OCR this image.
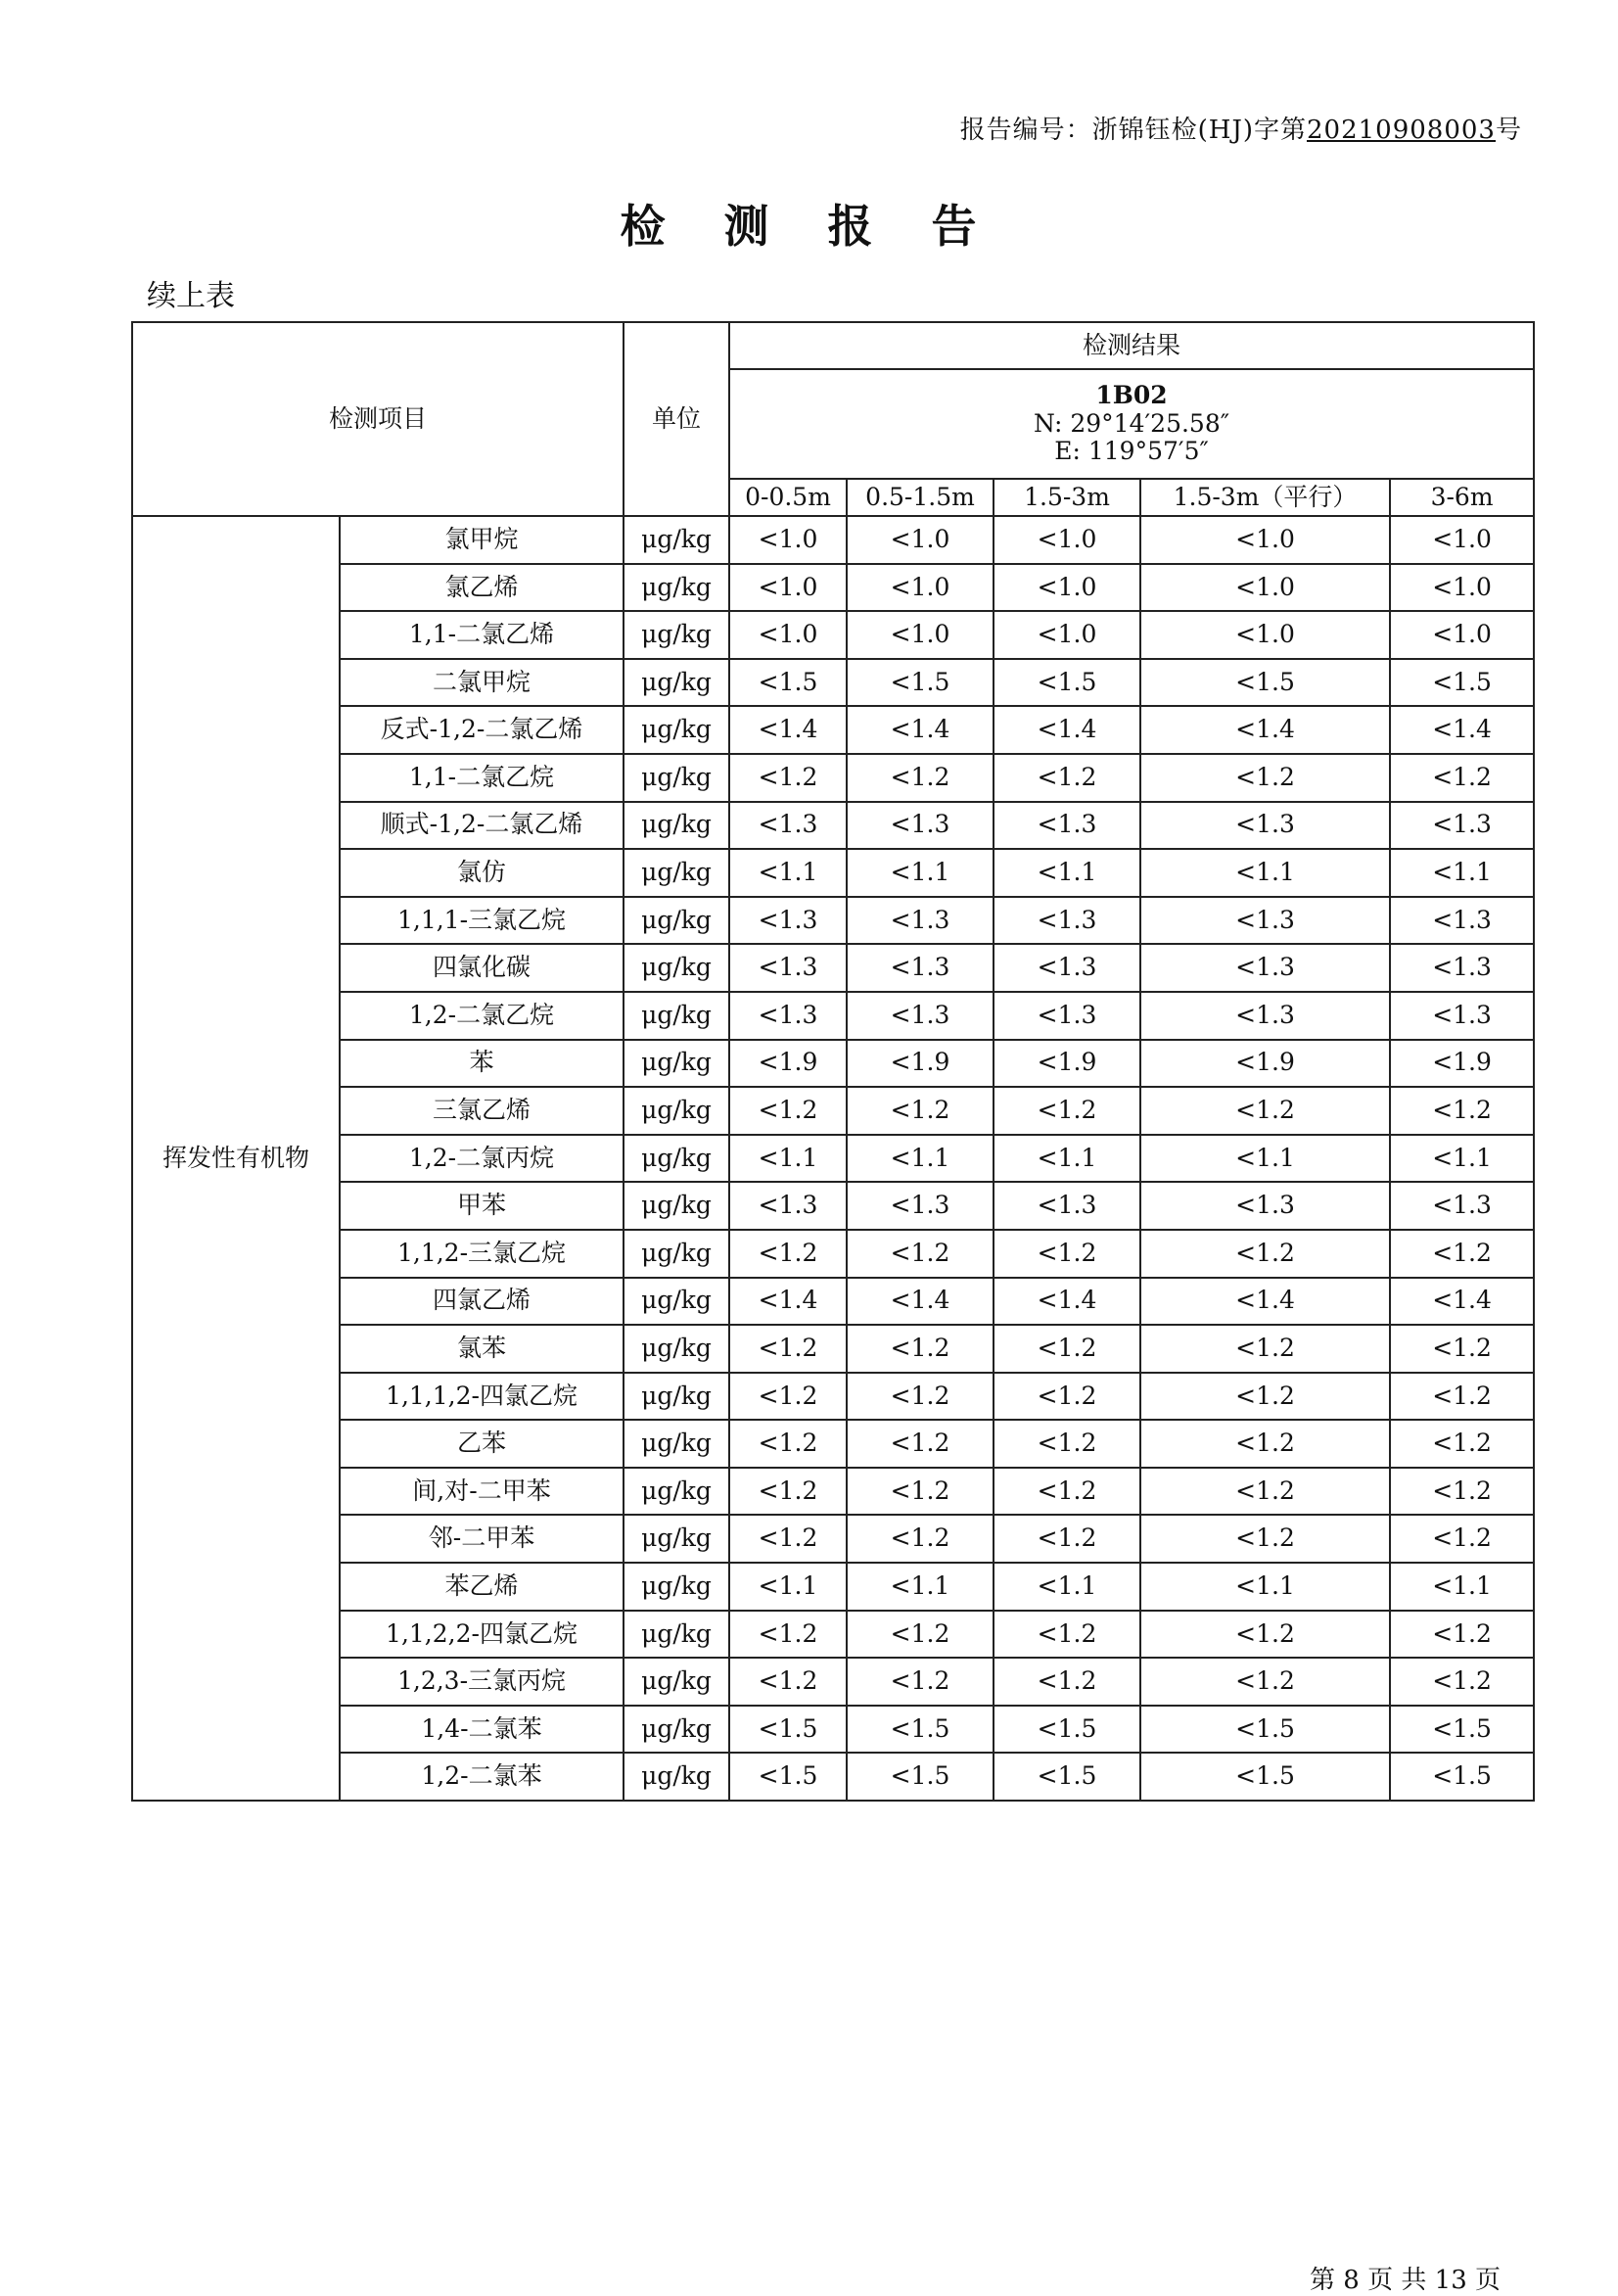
报告编号：浙锦钰检(HJ)字第20210908003号
检 测 报 告
续上表
检测项目		单位	检测结果				

			1B02
N: 29°14′25.58″
E: 119°57′5″				

			0-0.5m	0.5-1.5m	1.5-3m	1.5-3m（平行）	3-6m
挥发性有机物	氯甲烷	μg/kg	<1.0	<1.0	<1.0	<1.0	<1.0
	氯乙烯	μg/kg	<1.0	<1.0	<1.0	<1.0	<1.0
	1,1-二氯乙烯	μg/kg	<1.0	<1.0	<1.0	<1.0	<1.0
	二氯甲烷	μg/kg	<1.5	<1.5	<1.5	<1.5	<1.5
	反式-1,2-二氯乙烯	μg/kg	<1.4	<1.4	<1.4	<1.4	<1.4
	1,1-二氯乙烷	μg/kg	<1.2	<1.2	<1.2	<1.2	<1.2
	顺式-1,2-二氯乙烯	μg/kg	<1.3	<1.3	<1.3	<1.3	<1.3
	氯仿	μg/kg	<1.1	<1.1	<1.1	<1.1	<1.1
	1,1,1-三氯乙烷	μg/kg	<1.3	<1.3	<1.3	<1.3	<1.3
	四氯化碳	μg/kg	<1.3	<1.3	<1.3	<1.3	<1.3
	1,2-二氯乙烷	μg/kg	<1.3	<1.3	<1.3	<1.3	<1.3
	苯	μg/kg	<1.9	<1.9	<1.9	<1.9	<1.9
	三氯乙烯	μg/kg	<1.2	<1.2	<1.2	<1.2	<1.2
	1,2-二氯丙烷	μg/kg	<1.1	<1.1	<1.1	<1.1	<1.1
	甲苯	μg/kg	<1.3	<1.3	<1.3	<1.3	<1.3
	1,1,2-三氯乙烷	μg/kg	<1.2	<1.2	<1.2	<1.2	<1.2
	四氯乙烯	μg/kg	<1.4	<1.4	<1.4	<1.4	<1.4
	氯苯	μg/kg	<1.2	<1.2	<1.2	<1.2	<1.2
	1,1,1,2-四氯乙烷	μg/kg	<1.2	<1.2	<1.2	<1.2	<1.2
	乙苯	μg/kg	<1.2	<1.2	<1.2	<1.2	<1.2
	间,对-二甲苯	μg/kg	<1.2	<1.2	<1.2	<1.2	<1.2
	邻-二甲苯	μg/kg	<1.2	<1.2	<1.2	<1.2	<1.2
	苯乙烯	μg/kg	<1.1	<1.1	<1.1	<1.1	<1.1
	1,1,2,2-四氯乙烷	μg/kg	<1.2	<1.2	<1.2	<1.2	<1.2
	1,2,3-三氯丙烷	μg/kg	<1.2	<1.2	<1.2	<1.2	<1.2
	1,4-二氯苯	μg/kg	<1.5	<1.5	<1.5	<1.5	<1.5
	1,2-二氯苯	μg/kg	<1.5	<1.5	<1.5	<1.5	<1.5
第 8 页 共 13 页
